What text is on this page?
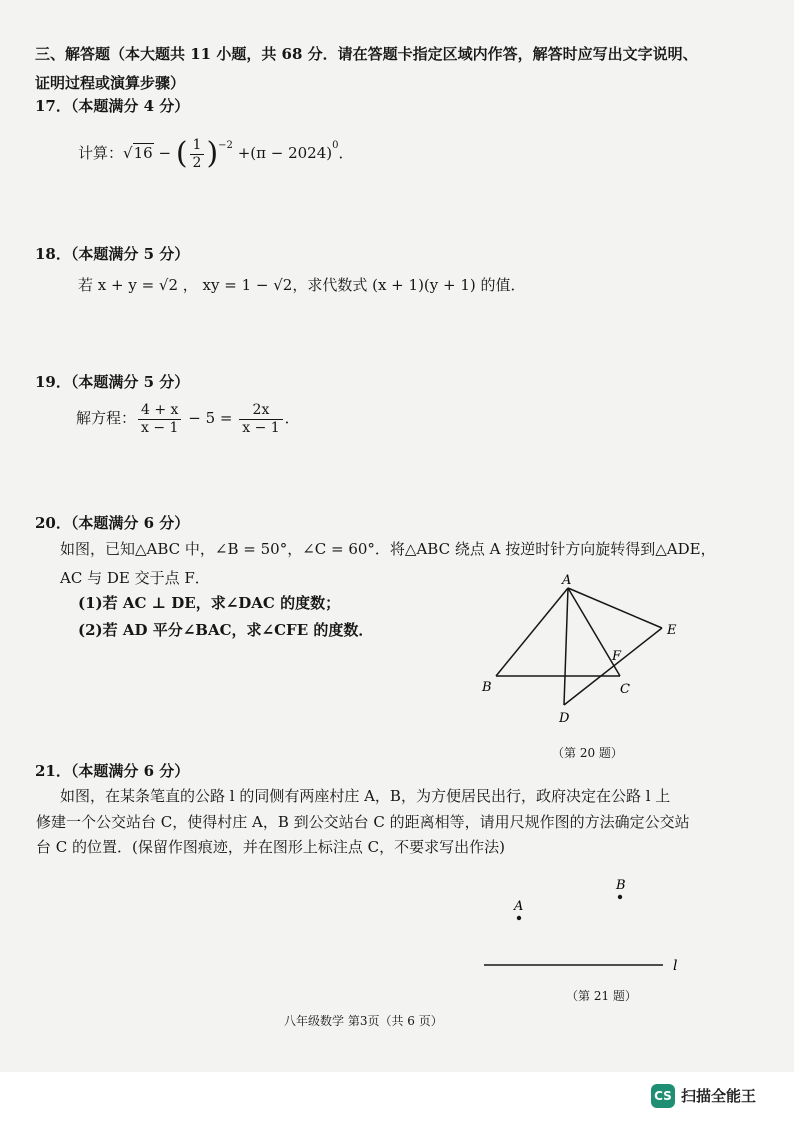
三、解答题（本大题共 11 小题，共 68 分．请在答题卡指定区域内作答，解答时应写出文字说明、
证明过程或演算步骤）
17．（本题满分 4 分）
计算：√16 − ( $\frac{1}{2} )^{-2} +(\pi - 2024)^0$．
18．（本题满分 5 分）
若 x + y = √2 ， xy = 1 − √2，求代数式 (x + 1)(y + 1) 的值．
19．（本题满分 5 分）
解方程： $\frac{4 + x}{x - 1} - 5 = \frac{2x}{x - 1}$ ．
20．（本题满分 6 分）
如图，已知△ABC 中，∠B = 50°，∠C = 60°．将△ABC 绕点 A 按逆时针方向旋转得到△ADE，
AC 与 DE 交于点 F．
(1)若 AC ⊥ DE，求∠DAC 的度数；
(2)若 AD 平分∠BAC，求∠CFE 的度数．
A
B	C
D
E
F
（第 20 题）
21．（本题满分 6 分）
如图，在某条笔直的公路 l 的同侧有两座村庄 A，B，为方便居民出行，政府决定在公路 l 上
修建一个公交站台 C，使得村庄 A，B 到公交站台 C 的距离相等，请用尺规作图的方法确定公交站
台 C 的位置．(保留作图痕迹，并在图形上标注点 C，不要求写出作法)
A
B
l
（第 21 题）
八年级数学 第3页（共 6 页）
CS 扫描全能王
